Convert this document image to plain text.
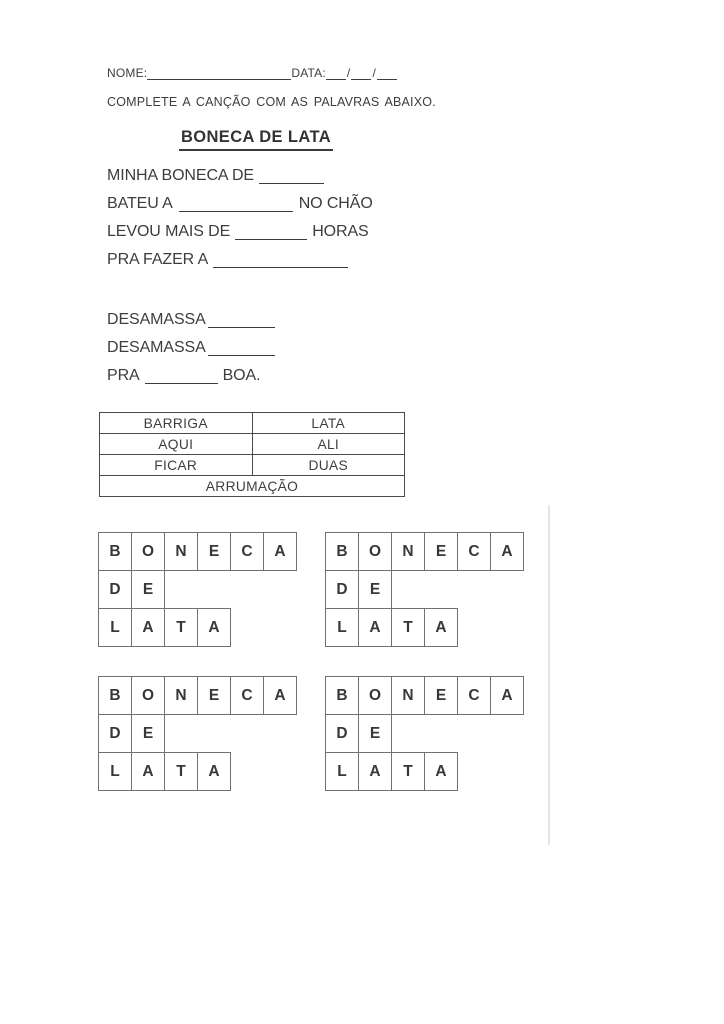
NOME:	DATA: / /
COMPLETE A CANÇÃO COM AS PALAVRAS ABAIXO.
BONECA DE LATA
MINHA BONECA DE
BATEU A	NO CHÃO
LEVOU MAIS DE	HORAS
PRA FAZER A
DESAMASSA
DESAMASSA
PRA	BOA.
BARRIGA	LATA
AQUI	ALI
FICAR	DUAS
ARRUMAÇÃO	
B	O	N	E	C	A
D	E
L	A	T	A
B	O	N	E	C	A
D	E
L	A	T	A
B	O	N	E	C	A
D	E
L	A	T	A
B	O	N	E	C	A
D	E
L	A	T	A
